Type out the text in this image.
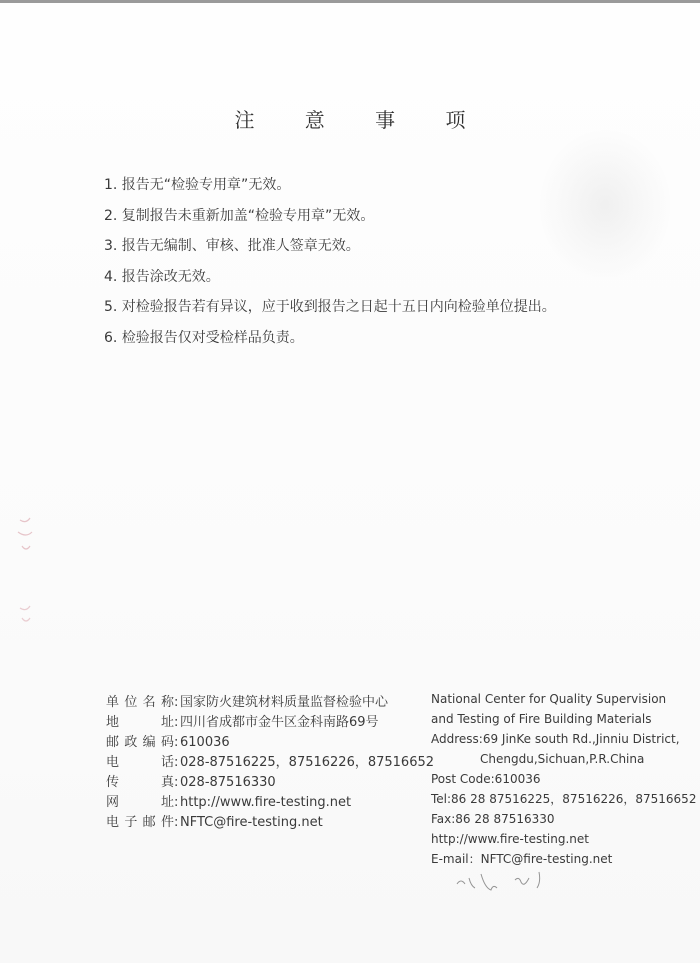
注 意 事 项
1. 报告无“检验专用章”无效。
2. 复制报告未重新加盖“检验专用章”无效。
3. 报告无编制、审核、批准人签章无效。
4. 报告涂改无效。
5. 对检验报告若有异议，应于收到报告之日起十五日内向检验单位提出。
6. 检验报告仅对受检样品负责。
单位名称 : 国家防火建筑材料质量监督检验中心
地　址 : 四川省成都市金牛区金科南路69号
邮政编码 : 610036
电　话 : 028-87516225，87516226，87516652
传　真 : 028-87516330
网　址 : http://www.fire-testing.net
电子邮件 : NFTC@fire-testing.net
National Center for Quality Supervision
and Testing of Fire Building Materials
Address:69 JinKe south Rd.,Jinniu District,
Chengdu,Sichuan,P.R.China
Post Code:610036
Tel:86 28 87516225，87516226，87516652
Fax:86 28 87516330
http://www.fire-testing.net
E-mail：NFTC@fire-testing.net
